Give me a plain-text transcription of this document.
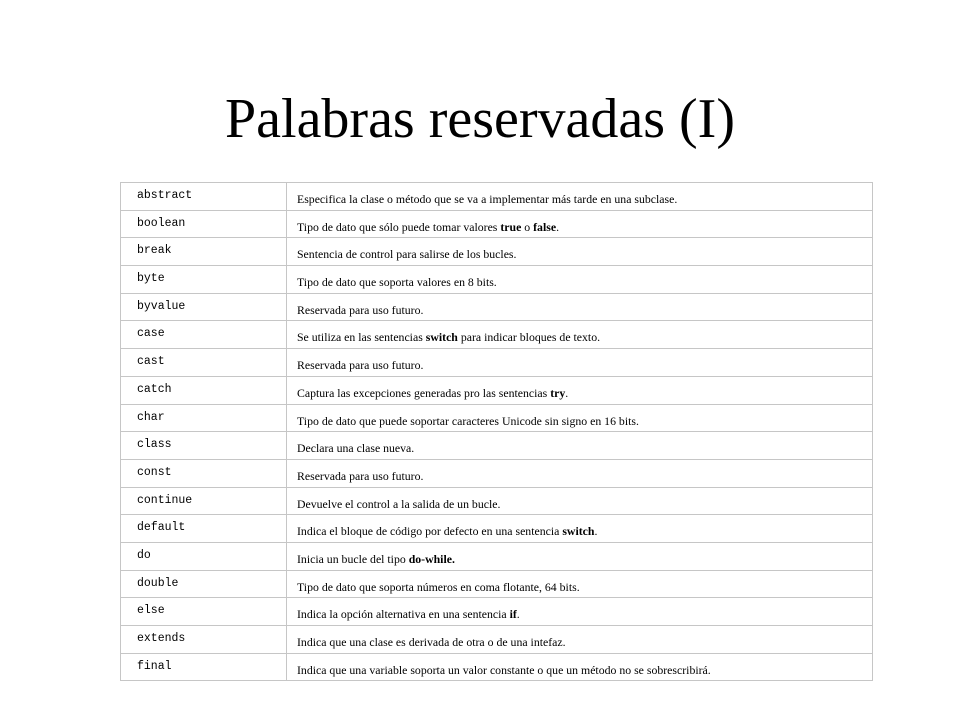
Palabras reservadas (I)
abstract	Especifica la clase o método que se va a implementar más tarde en una subclase.

boolean	Tipo de dato que sólo puede tomar valores true o false.

break	Sentencia de control para salirse de los bucles.

byte	Tipo de dato que soporta valores en 8 bits.

byvalue	Reservada para uso futuro.

case	Se utiliza en las sentencias switch para indicar bloques de texto.

cast	Reservada para uso futuro.

catch	Captura las excepciones generadas pro las sentencias try.

char	Tipo de dato que puede soportar caracteres Unicode sin signo en 16 bits.

class	Declara una clase nueva.

const	Reservada para uso futuro.

continue	Devuelve el control a la salida de un bucle.

default	Indica el bloque de código por defecto en una sentencia switch.

do	Inicia un bucle del tipo do-while.

double	Tipo de dato que soporta números en coma flotante, 64 bits.

else	Indica la opción alternativa en una sentencia if.

extends	Indica que una clase es derivada de otra o de una intefaz.

final	Indica que una variable soporta un valor constante o que un método no se sobrescribirá.
